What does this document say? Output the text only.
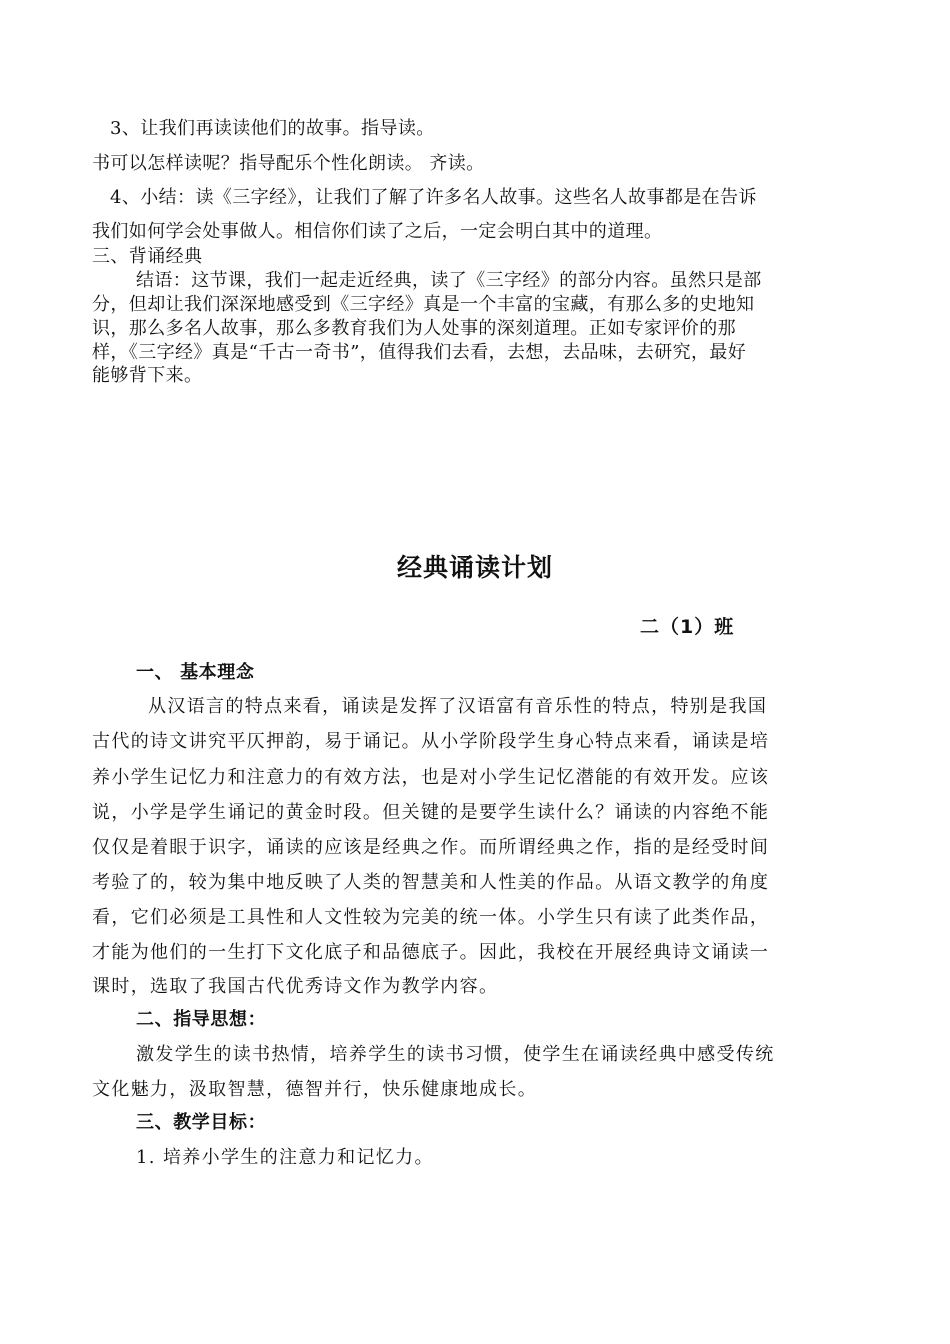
3、让我们再读读他们的故事。指导读。
书可以怎样读呢？指导配乐个性化朗读。 齐读。
4、小结：读《三字经》，让我们了解了许多名人故事。这些名人故事都是在告诉
我们如何学会处事做人。相信你们读了之后，一定会明白其中的道理。
三、背诵经典
结语：这节课，我们一起走近经典，读了《三字经》的部分内容。虽然只是部
分，但却让我们深深地感受到《三字经》真是一个丰富的宝藏，有那么多的史地知
识，那么多名人故事，那么多教育我们为人处事的深刻道理。正如专家评价的那
样，《三字经》真是“千古一奇书”，值得我们去看，去想，去品味，去研究，最好
能够背下来。
经典诵读计划
二（1）班
一、 基本理念
从汉语言的特点来看，诵读是发挥了汉语富有音乐性的特点，特别是我国
古代的诗文讲究平仄押韵，易于诵记。从小学阶段学生身心特点来看，诵读是培
养小学生记忆力和注意力的有效方法，也是对小学生记忆潜能的有效开发。应该
说，小学是学生诵记的黄金时段。但关键的是要学生读什么？诵读的内容绝不能
仅仅是着眼于识字，诵读的应该是经典之作。而所谓经典之作，指的是经受时间
考验了的，较为集中地反映了人类的智慧美和人性美的作品。从语文教学的角度
看，它们必须是工具性和人文性较为完美的统一体。小学生只有读了此类作品，
才能为他们的一生打下文化底子和品德底子。因此，我校在开展经典诗文诵读一
课时，选取了我国古代优秀诗文作为教学内容。
二、指导思想：
激发学生的读书热情，培养学生的读书习惯，使学生在诵读经典中感受传统
文化魅力，汲取智慧，德智并行，快乐健康地成长。
三、教学目标：
1. 培养小学生的注意力和记忆力。
